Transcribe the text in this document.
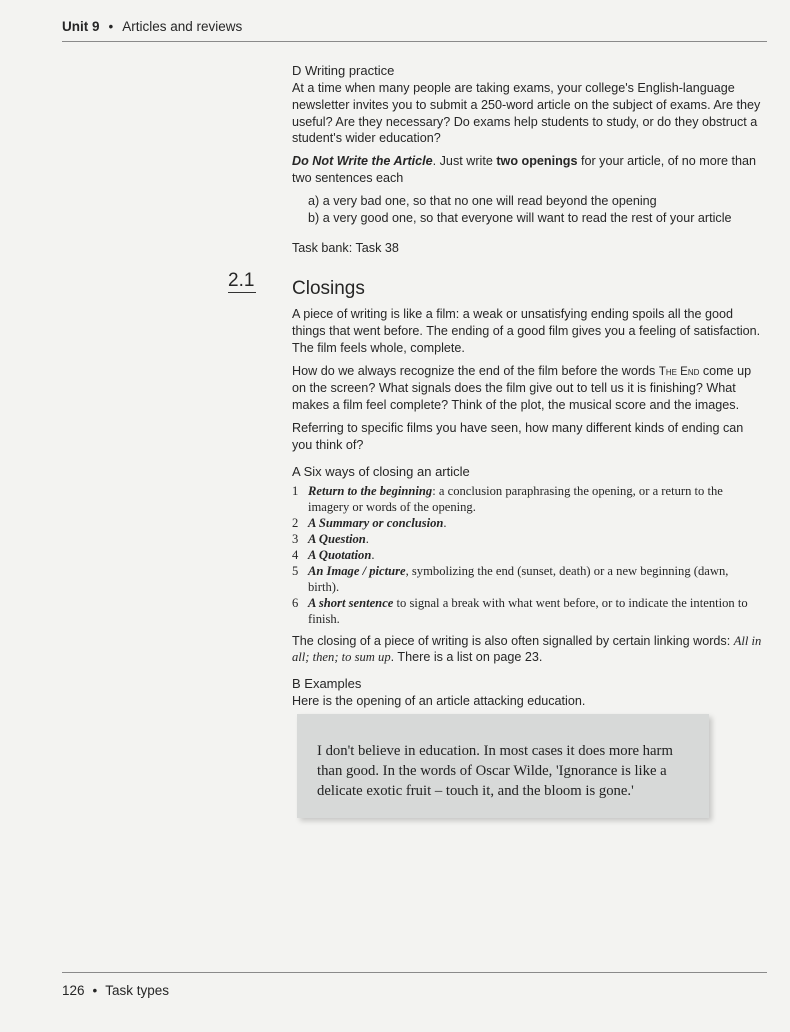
Unit 9 • Articles and reviews
2.1
D Writing practice

At a time when many people are taking exams, your college's English-language newsletter invites you to submit a 250-word article on the subject of exams. Are they useful? Are they necessary? Do exams help students to study, or do they obstruct a student's wider education?

Do Not Write the Article. Just write two openings for your article, of no more than two sentences each

a) a very bad one, so that no one will read beyond the opening
b) a very good one, so that everyone will want to read the rest of your article

Task bank: Task 38

Closings

A piece of writing is like a film: a weak or unsatisfying ending spoils all the good things that went before. The ending of a good film gives you a feeling of satisfaction. The film feels whole, complete.

How do we always recognize the end of the film before the words The End come up on the screen? What signals does the film give out to tell us it is finishing? What makes a film feel complete? Think of the plot, the musical score and the images.

Referring to specific films you have seen, how many different kinds of ending can you think of?

A Six ways of closing an article
1 Return to the beginning: a conclusion paraphrasing the opening, or a return to the imagery or words of the opening.
2 A Summary or conclusion.
3 A Question.
4 A Quotation.
5 An Image / picture, symbolizing the end (sunset, death) or a new beginning (dawn, birth).
6 A short sentence to signal a break with what went before, or to indicate the intention to finish.

The closing of a piece of writing is also often signalled by certain linking words: All in all; then; to sum up. There is a list on page 23.

B Examples

Here is the opening of an article attacking education.

I don't believe in education. In most cases it does more harm than good. In the words of Oscar Wilde, 'Ignorance is like a delicate exotic fruit – touch it, and the bloom is gone.'

126 • Task types
